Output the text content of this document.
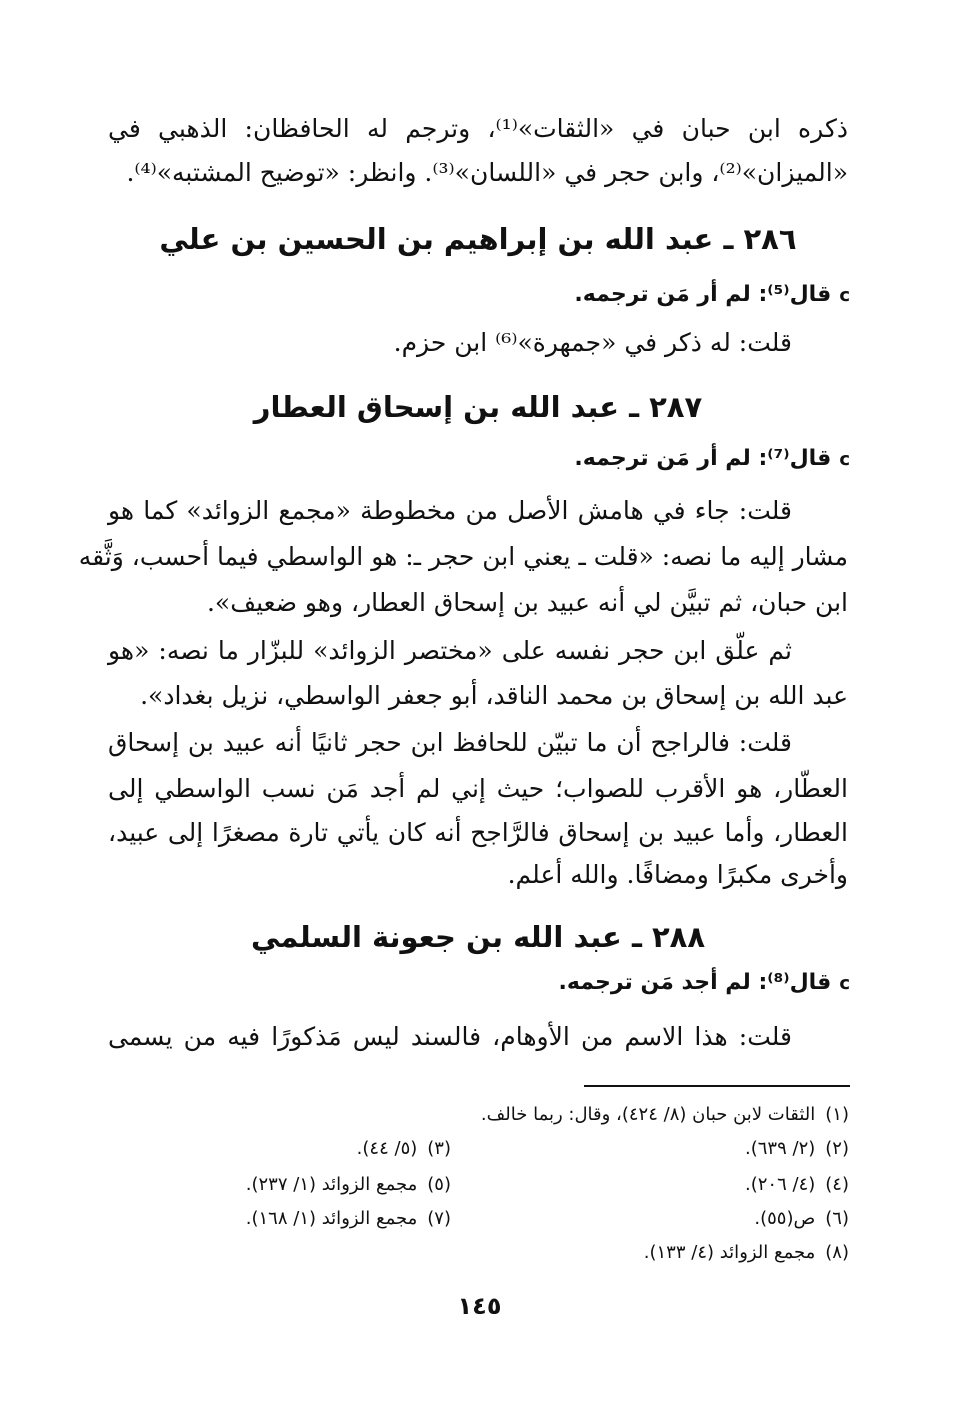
ذكره ابن حبان في «الثقات»⁽¹⁾، وترجم له الحافظان: الذهبي في
«الميزان»⁽²⁾، وابن حجر في «اللسان»⁽³⁾. وانظر: «توضيح المشتبه»⁽⁴⁾.
٢٨٦ ـ عبد الله بن إبراهيم بن الحسين بن علي
cقال⁽⁵⁾: لم أر مَن ترجمه.
قلت: له ذكر في «جمهرة»⁽⁶⁾ ابن حزم.
٢٨٧ ـ عبد الله بن إسحاق العطار
cقال⁽⁷⁾: لم أر مَن ترجمه.
قلت: جاء في هامش الأصل من مخطوطة «مجمع الزوائد» كما هو
مشار إليه ما نصه: «قلت ـ يعني ابن حجر ـ: هو الواسطي فيما أحسب، وَثَّقه
ابن حبان، ثم تبيَّن لي أنه عبيد بن إسحاق العطار، وهو ضعيف».
ثم علّق ابن حجر نفسه على «مختصر الزوائد» للبزّار ما نصه: «هو
عبد الله بن إسحاق بن محمد الناقد، أبو جعفر الواسطي، نزيل بغداد».
قلت: فالراجح أن ما تبيّن للحافظ ابن حجر ثانيًا أنه عبيد بن إسحاق
العطّار، هو الأقرب للصواب؛ حيث إني لم أجد مَن نسب الواسطي إلى
العطار، وأما عبيد بن إسحاق فالرَّاجح أنه كان يأتي تارة مصغرًا إلى عبيد،
وأخرى مكبرًا ومضافًا. والله أعلم.
٢٨٨ ـ عبد الله بن جعونة السلمي
cقال⁽⁸⁾: لم أجد مَن ترجمه.
قلت: هذا الاسم من الأوهام، فالسند ليس مَذكورًا فيه من يسمى
(١) الثقات لابن حبان (٨/ ٤٢٤)، وقال: ربما خالف.
(٢) (٢/ ٦٣٩).
(٣) (٥/ ٤٤).
(٤) (٤/ ٢٠٦).
(٥) مجمع الزوائد (١/ ٢٣٧).
(٦) ص(٥٥).
(٧) مجمع الزوائد (١/ ١٦٨).
(٨) مجمع الزوائد (٤/ ١٣٣).
١٤٥
